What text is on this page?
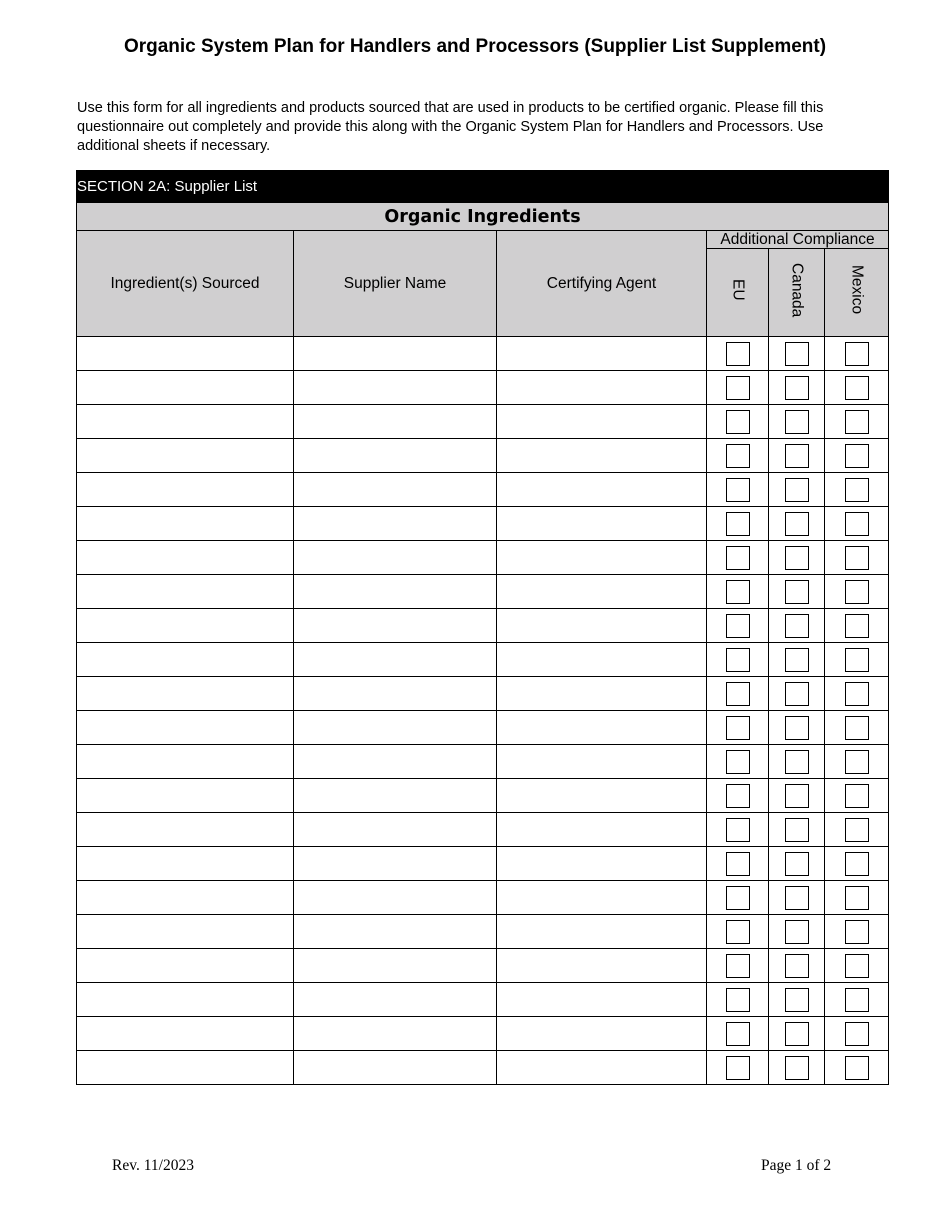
Organic System Plan for Handlers and Processors (Supplier List Supplement)
Use this form for all ingredients and products sourced that are used in products to be certified organic. Please fill this questionnaire out completely and provide this along with the Organic System Plan for Handlers and Processors. Use additional sheets if necessary.
SECTION 2A: Supplier List					
Organic Ingredients					
Ingredient(s) Sourced	Supplier Name	Certifying Agent	Additional Compliance		
			EU	Canada	Mexico

Rev. 11/2023	Page 1 of 2
